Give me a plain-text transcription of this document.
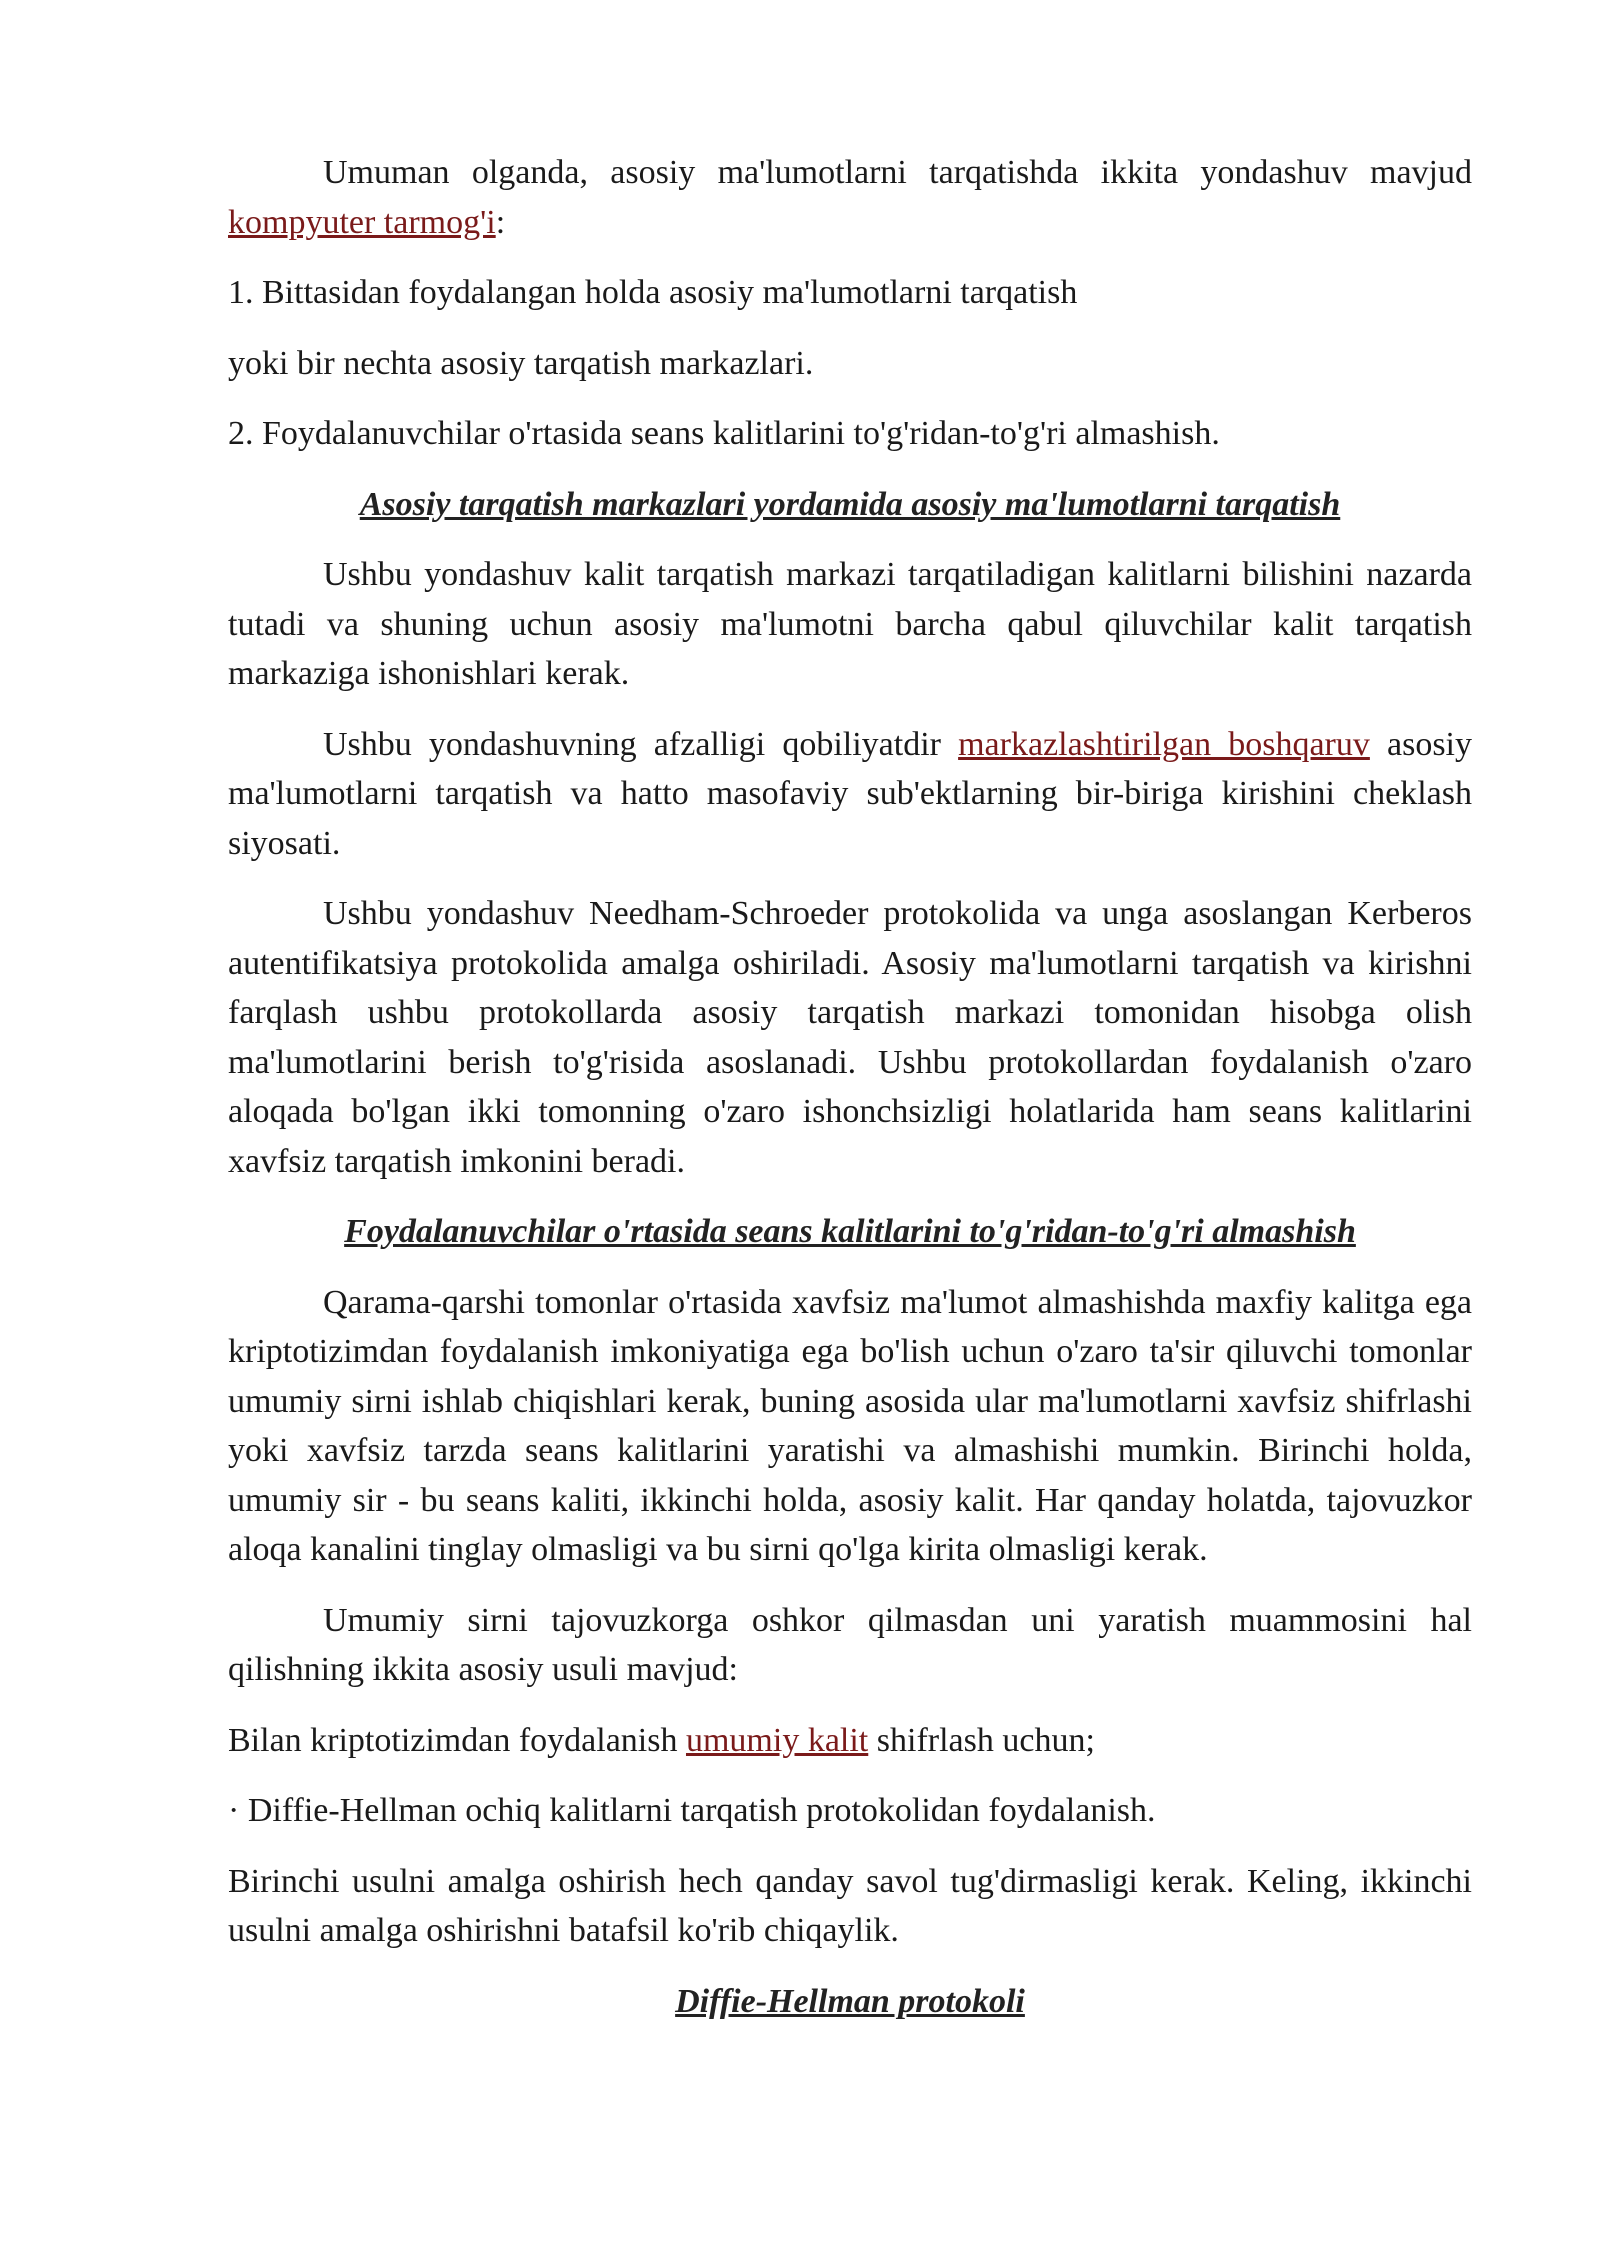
Umuman olganda, asosiy ma'lumotlarni tarqatishda ikkita yondashuv mavjud kompyuter tarmog'i:

1. Bittasidan foydalangan holda asosiy ma'lumotlarni tarqatish

yoki bir nechta asosiy tarqatish markazlari.

2. Foydalanuvchilar o'rtasida seans kalitlarini to'g'ridan-to'g'ri almashish.

Asosiy tarqatish markazlari yordamida asosiy ma'lumotlarni tarqatish

Ushbu yondashuv kalit tarqatish markazi tarqatiladigan kalitlarni bilishini nazarda tutadi va shuning uchun asosiy ma'lumotni barcha qabul qiluvchilar kalit tarqatish markaziga ishonishlari kerak.

Ushbu yondashuvning afzalligi qobiliyatdir markazlashtirilgan boshqaruv asosiy ma'lumotlarni tarqatish va hatto masofaviy sub'ektlarning bir-biriga kirishini cheklash siyosati.

Ushbu yondashuv Needham-Schroeder protokolida va unga asoslangan Kerberos autentifikatsiya protokolida amalga oshiriladi. Asosiy ma'lumotlarni tarqatish va kirishni farqlash ushbu protokollarda asosiy tarqatish markazi tomonidan hisobga olish ma'lumotlarini berish to'g'risida asoslanadi. Ushbu protokollardan foydalanish o'zaro aloqada bo'lgan ikki tomonning o'zaro ishonchsizligi holatlarida ham seans kalitlarini xavfsiz tarqatish imkonini beradi.

Foydalanuvchilar o'rtasida seans kalitlarini to'g'ridan-to'g'ri almashish

Qarama-qarshi tomonlar o'rtasida xavfsiz ma'lumot almashishda maxfiy kalitga ega kriptotizimdan foydalanish imkoniyatiga ega bo'lish uchun o'zaro ta'sir qiluvchi tomonlar umumiy sirni ishlab chiqishlari kerak, buning asosida ular ma'lumotlarni xavfsiz shifrlashi yoki xavfsiz tarzda seans kalitlarini yaratishi va almashishi mumkin. Birinchi holda, umumiy sir - bu seans kaliti, ikkinchi holda, asosiy kalit. Har qanday holatda, tajovuzkor aloqa kanalini tinglay olmasligi va bu sirni qo'lga kirita olmasligi kerak.

Umumiy sirni tajovuzkorga oshkor qilmasdan uni yaratish muammosini hal qilishning ikkita asosiy usuli mavjud:

Bilan kriptotizimdan foydalanish umumiy kalit shifrlash uchun;

· Diffie-Hellman ochiq kalitlarni tarqatish protokolidan foydalanish.

Birinchi usulni amalga oshirish hech qanday savol tug'dirmasligi kerak. Keling, ikkinchi usulni amalga oshirishni batafsil ko'rib chiqaylik.

Diffie-Hellman protokoli
